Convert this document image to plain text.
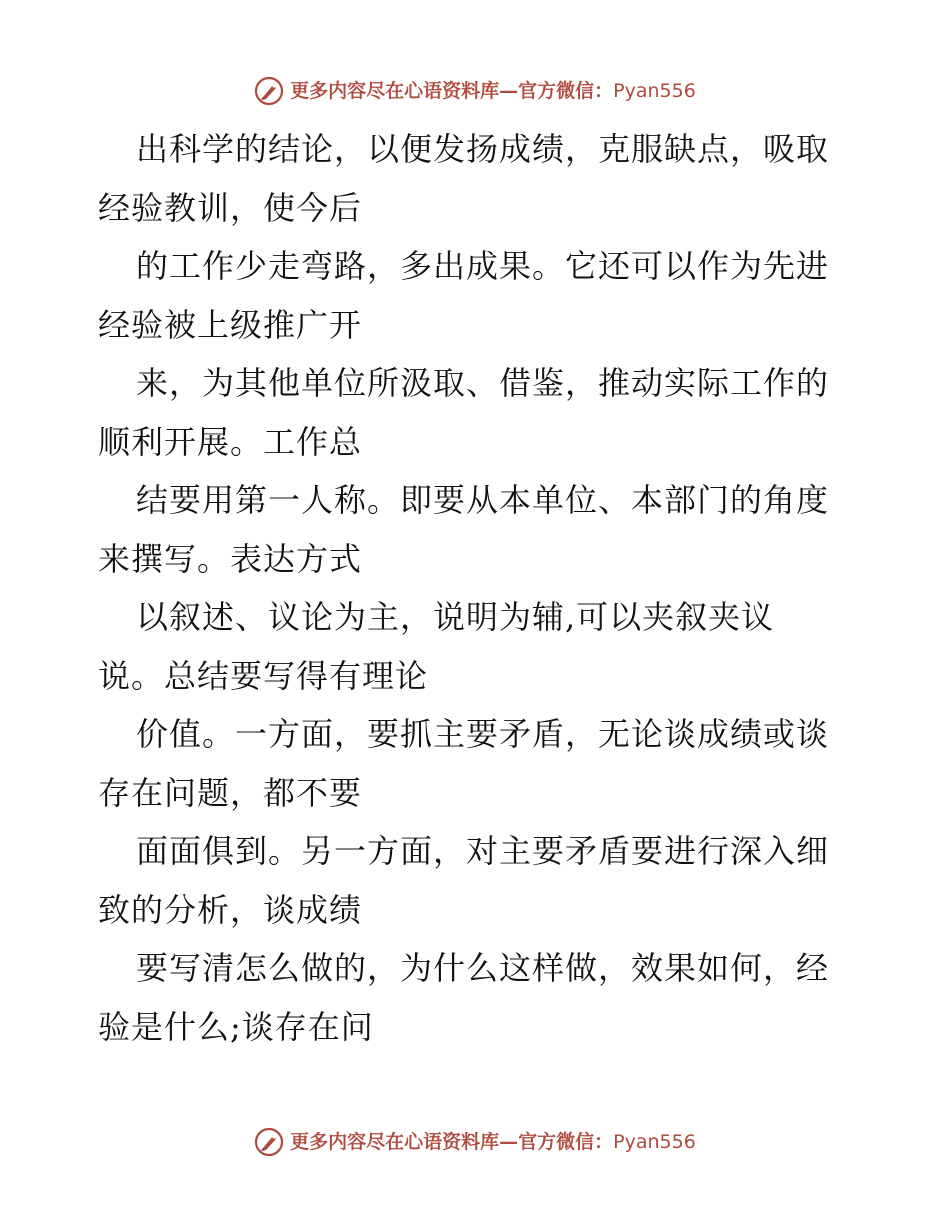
更多内容尽在心语资料库—官方微信： Pyan556
出科学的结论，以便发扬成绩，克服缺点，吸取
经验教训，使今后
的工作少走弯路，多出成果。它还可以作为先进
经验被上级推广开
来，为其他单位所汲取、借鉴，推动实际工作的
顺利开展。工作总
结要用第一人称。即要从本单位、本部门的角度
来撰写。表达方式
以叙述、议论为主，说明为辅,可以夹叙夹议
说。总结要写得有理论
价值。一方面，要抓主要矛盾，无论谈成绩或谈
存在问题，都不要
面面俱到。另一方面，对主要矛盾要进行深入细
致的分析，谈成绩
要写清怎么做的，为什么这样做，效果如何，经
验是什么;谈存在问
更多内容尽在心语资料库—官方微信： Pyan556
